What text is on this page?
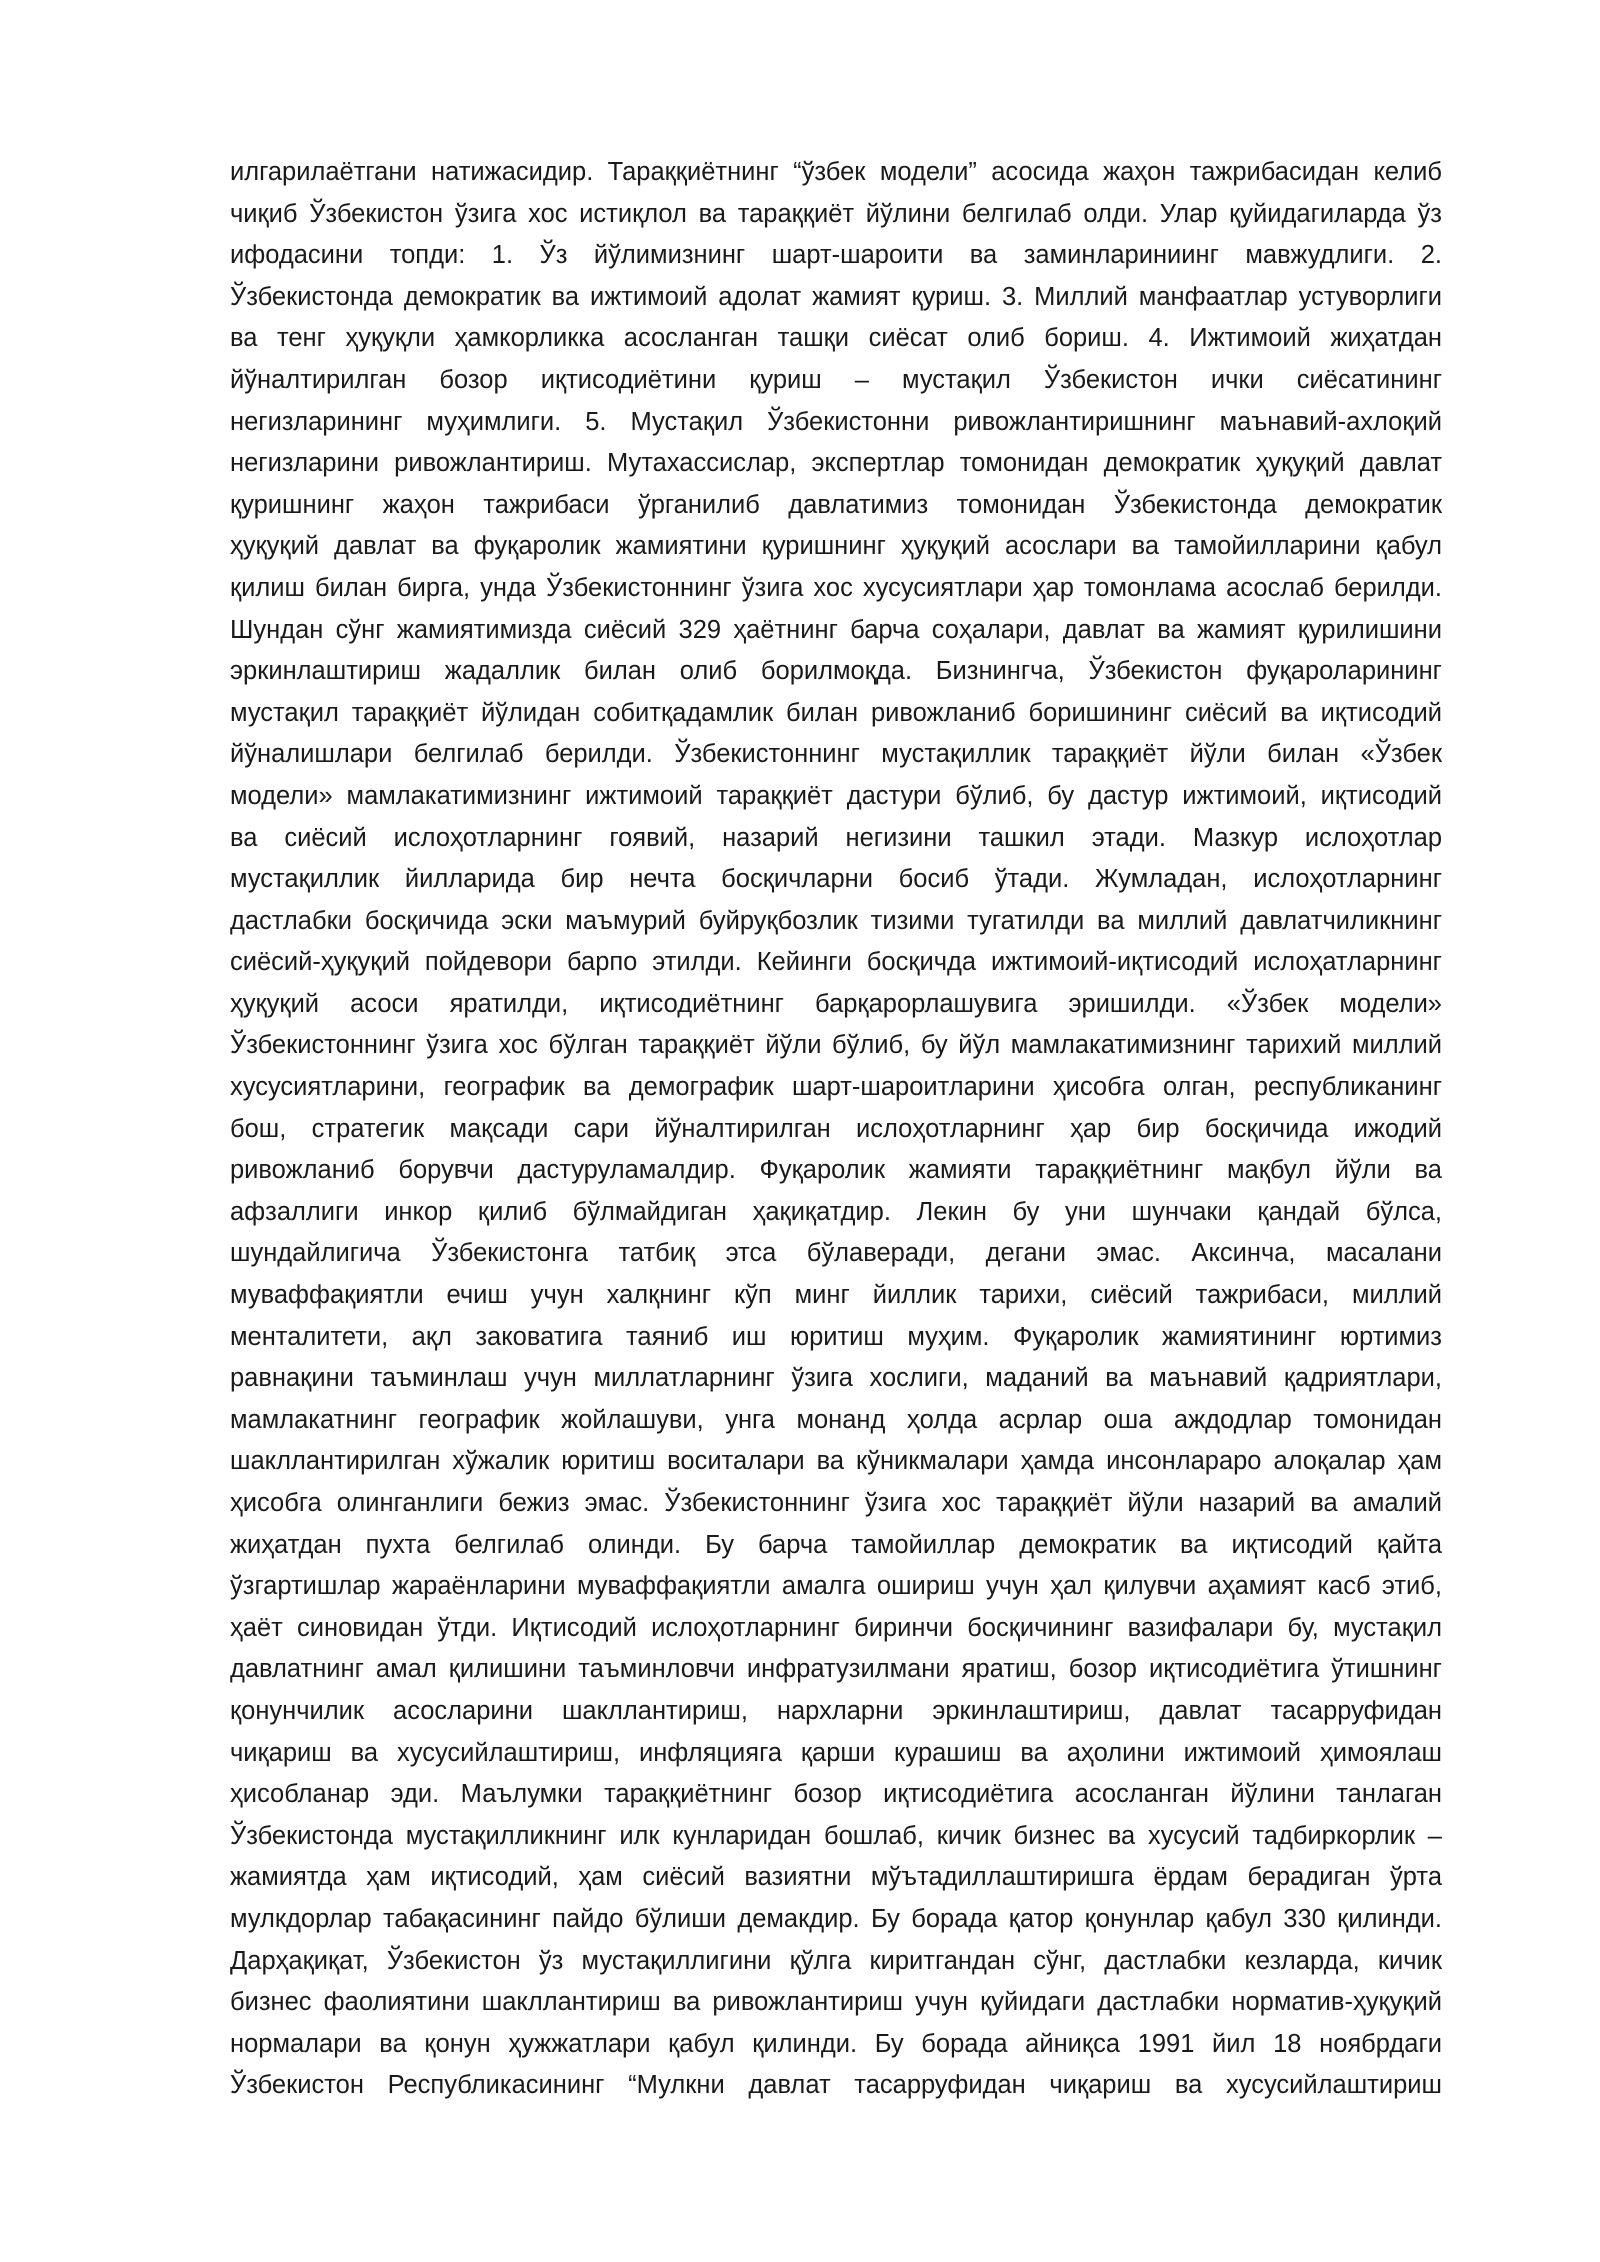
илгарилаётгани натижасидир. Тараққиётнинг “ўзбек модели” асосида жаҳон тажрибасидан келиб
чиқиб Ўзбекистон ўзига хос истиқлол ва тараққиёт йўлини белгилаб олди. Улар қуйидагиларда ўз
ифодасини топди: 1. Ўз йўлимизнинг шарт-шароити ва заминлариниинг мавжудлиги. 2.
Ўзбекистонда демократик ва ижтимоий адолат жамият қуриш. 3. Миллий манфаатлар устуворлиги
ва тенг ҳуқуқли ҳамкорликка асосланган ташқи сиёсат олиб бориш. 4. Ижтимоий жиҳатдан
йўналтирилган бозор иқтисодиётини қуриш – мустақил Ўзбекистон ички сиёсатининг
негизларининг муҳимлиги. 5. Мустақил Ўзбекистонни ривожлантиришнинг маънавий-ахлоқий
негизларини ривожлантириш. Мутахассислар, экспертлар томонидан демократик ҳуқуқий давлат
қуришнинг жаҳон тажрибаси ўрганилиб давлатимиз томонидан Ўзбекистонда демократик
ҳуқуқий давлат ва фуқаролик жамиятини қуришнинг ҳуқуқий асослари ва тамойилларини қабул
қилиш билан бирга, унда Ўзбекистоннинг ўзига хос хусусиятлари ҳар томонлама асослаб берилди.
Шундан сўнг жамиятимизда сиёсий 329 ҳаётнинг барча соҳалари, давлат ва жамият қурилишини
эркинлаштириш жадаллик билан олиб борилмоқда. Бизнингча, Ўзбекистон фуқароларининг
мустақил тараққиёт йўлидан собитқадамлик билан ривожланиб боришининг сиёсий ва иқтисодий
йўналишлари белгилаб берилди. Ўзбекистоннинг мустақиллик тараққиёт йўли билан «Ўзбек
модели» мамлакатимизнинг ижтимоий тараққиёт дастури бўлиб, бу дастур ижтимоий, иқтисодий
ва сиёсий ислоҳотларнинг гоявий, назарий негизини ташкил этади. Мазкур ислоҳотлар
мустақиллик йилларида бир нечта босқичларни босиб ўтади. Жумладан, ислоҳотларнинг
дастлабки босқичида эски маъмурий буйруқбозлик тизими тугатилди ва миллий давлатчиликнинг
сиёсий-ҳуқуқий пойдевори барпо этилди. Кейинги босқичда ижтимоий-иқтисодий ислоҳатларнинг
ҳуқуқий асоси яратилди, иқтисодиётнинг барқарорлашувига эришилди. «Ўзбек модели»
Ўзбекистоннинг ўзига хос бўлган тараққиёт йўли бўлиб, бу йўл мамлакатимизнинг тарихий миллий
хусусиятларини, географик ва демографик шарт-шароитларини ҳисобга олган, республиканинг
бош, стратегик мақсади сари йўналтирилган ислоҳотларнинг ҳар бир босқичида ижодий
ривожланиб борувчи дастуруламалдир. Фуқаролик жамияти тараққиётнинг мақбул йўли ва
афзаллиги инкор қилиб бўлмайдиган ҳақиқатдир. Лекин бу уни шунчаки қандай бўлса,
шундайлигича Ўзбекистонга татбиқ этса бўлаверади, дегани эмас. Аксинча, масалани
муваффақиятли ечиш учун халқнинг кўп минг йиллик тарихи, сиёсий тажрибаси, миллий
менталитети, ақл заковатига таяниб иш юритиш муҳим. Фуқаролик жамиятининг юртимиз
равнақини таъминлаш учун миллатларнинг ўзига хослиги, маданий ва маънавий қадриятлари,
мамлакатнинг географик жойлашуви, унга монанд ҳолда асрлар оша аждодлар томонидан
шакллантирилган хўжалик юритиш воситалари ва кўникмалари ҳамда инсонлараро алоқалар ҳам
ҳисобга олинганлиги бежиз эмас. Ўзбекистоннинг ўзига хос тараққиёт йўли назарий ва амалий
жиҳатдан пухта белгилаб олинди. Бу барча тамойиллар демократик ва иқтисодий қайта
ўзгартишлар жараёнларини муваффақиятли амалга ошириш учун ҳал қилувчи аҳамият касб этиб,
ҳаёт синовидан ўтди. Иқтисодий ислоҳотларнинг биринчи босқичининг вазифалари бу, мустақил
давлатнинг амал қилишини таъминловчи инфратузилмани яратиш, бозор иқтисодиётига ўтишнинг
қонунчилик асосларини шакллантириш, нархларни эркинлаштириш, давлат тасарруфидан
чиқариш ва хусусийлаштириш, инфляцияга қарши курашиш ва аҳолини ижтимоий ҳимоялаш
ҳисобланар эди. Маълумки тараққиётнинг бозор иқтисодиётига асосланган йўлини танлаган
Ўзбекистонда мустақилликнинг илк кунларидан бошлаб, кичик бизнес ва хусусий тадбиркорлик –
жамиятда ҳам иқтисодий, ҳам сиёсий вазиятни мўътадиллаштиришга ёрдам берадиган ўрта
мулкдорлар табақасининг пайдо бўлиши демакдир. Бу борада қатор қонунлар қабул 330 қилинди.
Дарҳақиқат, Ўзбекистон ўз мустақиллигини қўлга киритгандан сўнг, дастлабки кезларда, кичик
бизнес фаолиятини шакллантириш ва ривожлантириш учун қуйидаги дастлабки норматив-ҳуқуқий
нормалари ва қонун ҳужжатлари қабул қилинди. Бу борада айниқса 1991 йил 18 ноябрдаги
Ўзбекистон Республикасининг “Мулкни давлат тасарруфидан чиқариш ва хусусийлаштириш
